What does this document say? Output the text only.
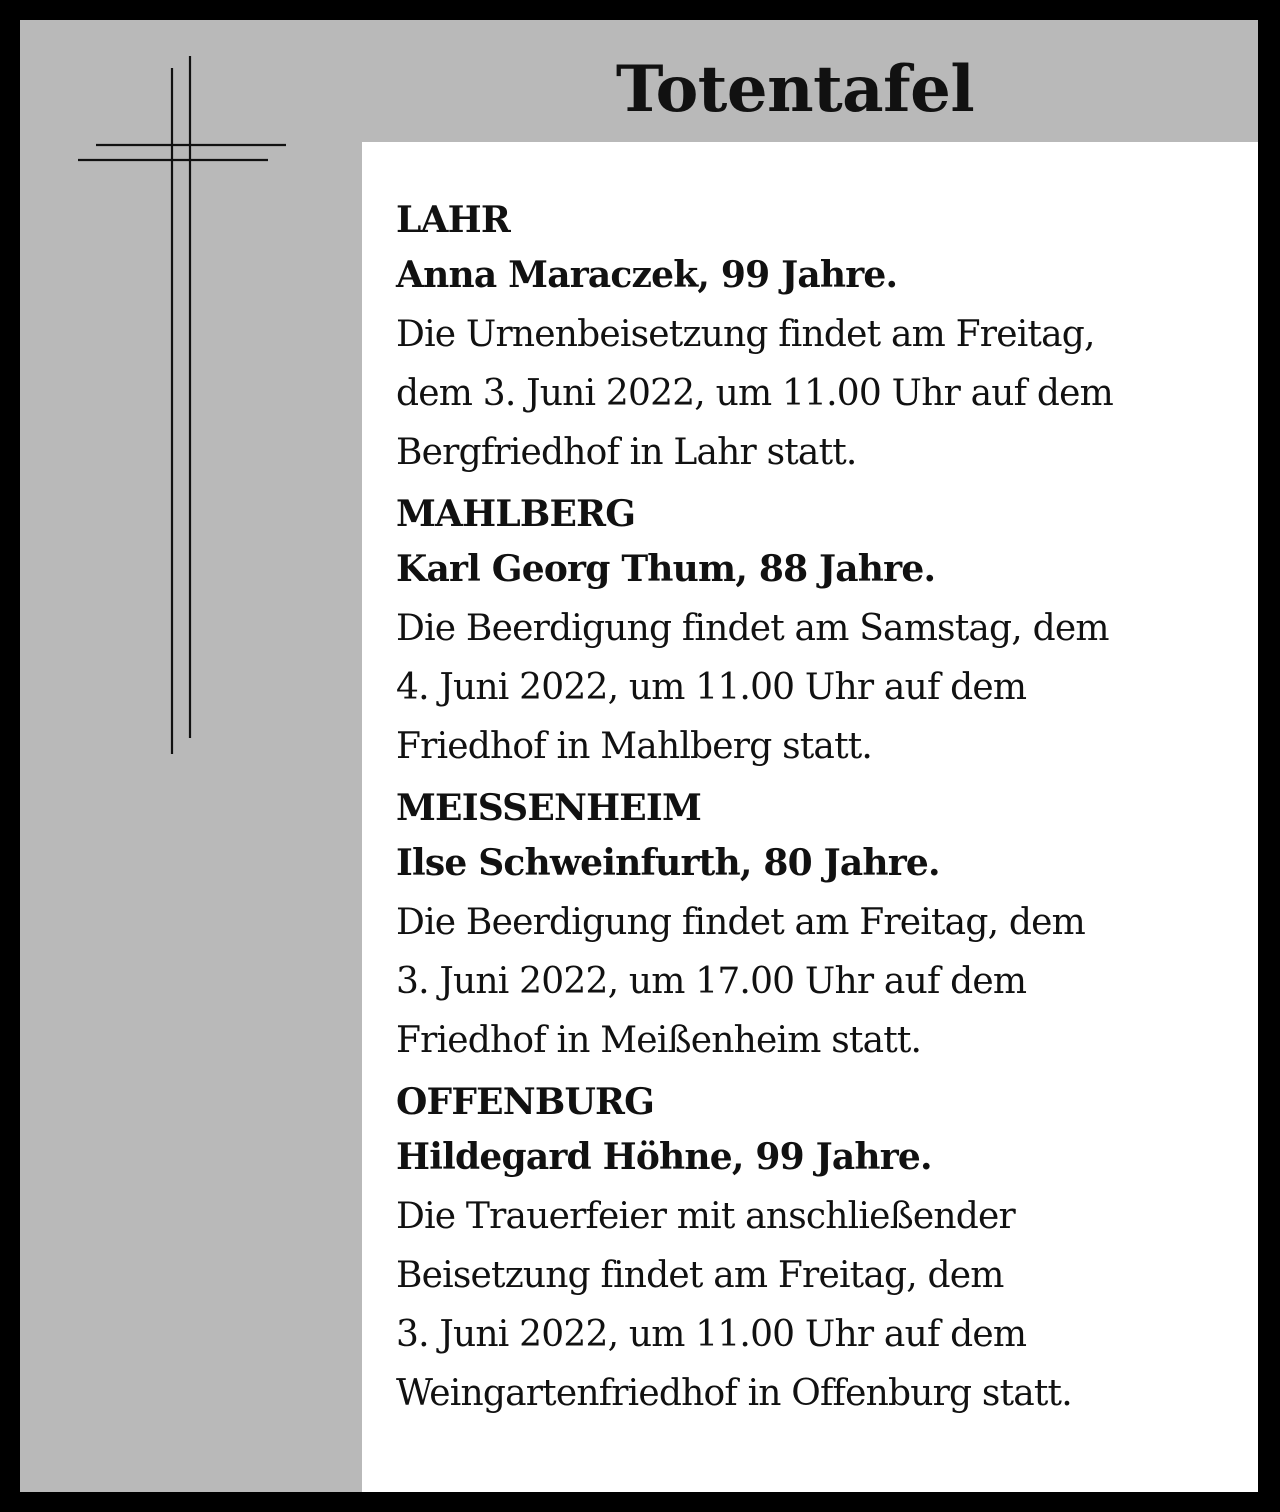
Totentafel
LAHR
Anna Maraczek, 99 Jahre.

Die Urnenbeisetzung findet am Freitag,

dem 3. Juni 2022, um 11.00 Uhr auf dem

Bergfriedhof in Lahr statt.

MAHLBERG
Karl Georg Thum, 88 Jahre.

Die Beerdigung findet am Samstag, dem

4. Juni 2022, um 11.00 Uhr auf dem

Friedhof in Mahlberg statt.

MEISSENHEIM
Ilse Schweinfurth, 80 Jahre.

Die Beerdigung findet am Freitag, dem

3. Juni 2022, um 17.00 Uhr auf dem

Friedhof in Meißenheim statt.

OFFENBURG
Hildegard Höhne, 99 Jahre.

Die Trauerfeier mit anschließender

Beisetzung findet am Freitag, dem

3. Juni 2022, um 11.00 Uhr auf dem

Weingartenfriedhof in Offenburg statt.
